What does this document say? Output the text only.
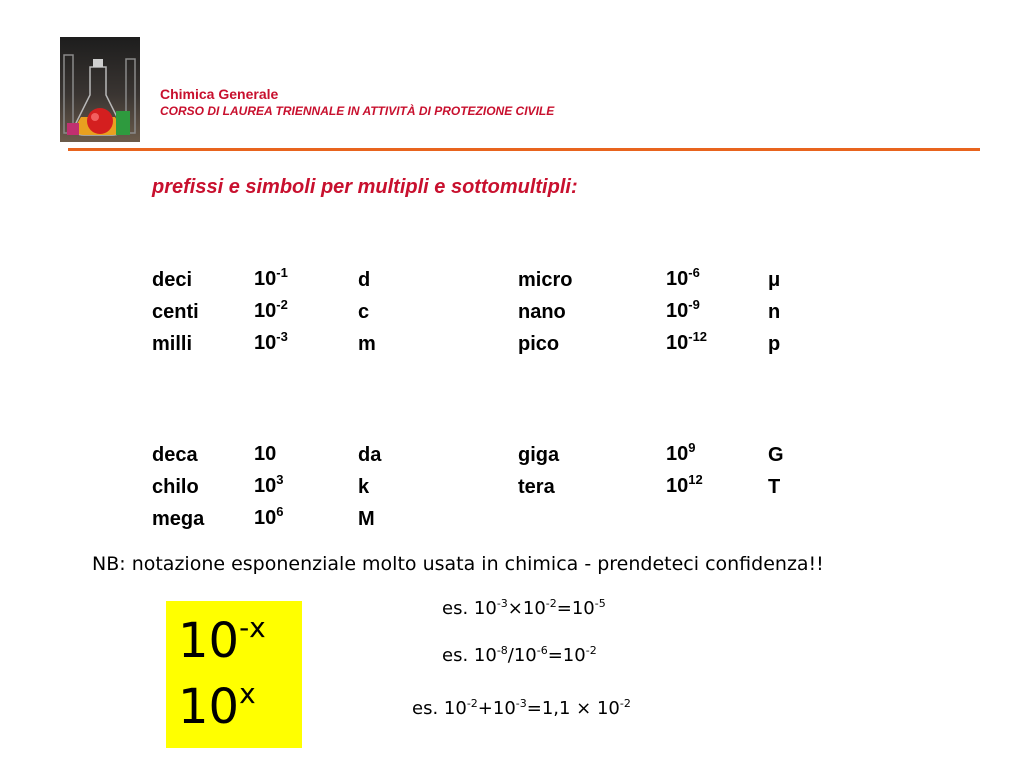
Chimica Generale
CORSO DI LAUREA TRIENNALE IN ATTIVITÀ DI PROTEZIONE CIVILE
prefissi e simboli per multipli e sottomultipli:
deci	$10^{-1}$	d	micro	$10^{-6}$	μ
centi	$10^{-2}$	c	nano	$10^{-9}$	n
milli	$10^{-3}$	m	pico	$10^{-12}$	p
deca	10	da	giga	$10^9$	G
chilo	$10^3$	k	tera	$10^{12}$	T
mega	$10^6$	M			
NB: notazione esponenziale molto usata in chimica - prendeteci confidenza!!
$10^{-x}$
10$^x$
es. $10^{-3}\times 10^{-2}=10^{-5}$
es. $10^{-8}/10^{-6}=10^{-2}$
es. $10^{-2}+10^{-3}=1,1 \times 10^{-2}$
